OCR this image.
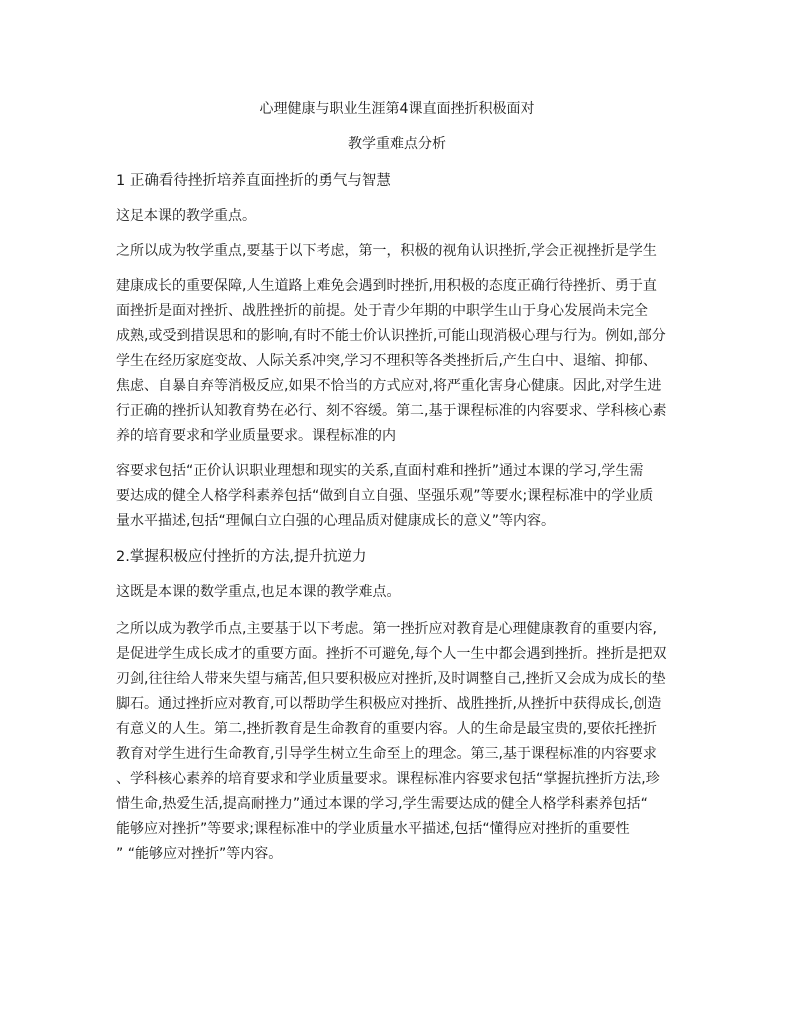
心理健康与职业生涯第4课直面挫折积极面对
教学重难点分析
1 正确看待挫折培养直面挫折的勇气与智慧
这足本课的教学重点。
之所以成为牧学重点,要基于以下考虑，第一，积极的视角认识挫折,学会正视挫折是学生
建康成长的重要保障,人生道路上难免会遇到时挫折,用积极的态度正确行待挫折、勇于直
面挫折是面对挫折、战胜挫折的前提。处于青少年期的中职学生山于身心发展尚未完全
成熟,或受到措误思和的影响,有时不能士价认识挫折,可能山现消极心理与行为。例如,部分
学生在经历家庭变故、人际关系冲突,学习不理积等各类挫折后,产生白中、退缩、抑郁、
焦虑、自暴自弃等消极反应,如果不恰当的方式应对,将严重化害身心健康。因此,对学生进
行正确的挫折认知教育势在必行、刻不容缓。第二,基于课程标准的内容要求、学科核心素
养的培育要求和学业质量要求。课程标准的内
容要求包括“正价认识职业理想和现实的关系,直面村难和挫折”通过本课的学习,学生需
要达成的健全人格学科素养包括“做到自立自强、坚强乐观”等要水;课程标准中的学业质
量水平描述,包括“理佩白立白强的心理品质对健康成长的意义”等内容。
2.掌握积极应付挫折的方法,提升抗逆力
这既是本课的数学重点,也足本课的教学难点。
之所以成为教学币点,主要基于以下考虑。第一挫折应对教育是心理健康教育的重要内容,
是促进学生成长成才的重要方面。挫折不可避免,每个人一生中都会遇到挫折。挫折是把双
刃剑,往往给人带来失望与痛苦,但只要积极应对挫折,及时调整自己,挫折又会成为成长的垫
脚石。通过挫折应对教育,可以帮助学生积极应对挫折、战胜挫折,从挫折中获得成长,创造
有意义的人生。第二,挫折教育是生命教育的重要内容。人的生命是最宝贵的,要依托挫折
教育对学生进行生命教育,引导学生树立生命至上的理念。第三,基于课程标准的内容要求
、学科核心素养的培育要求和学业质量要求。课程标准内容要求包括“掌握抗挫折方法,珍
惜生命,热爱生活,提高耐挫力”通过本课的学习,学生需要达成的健全人格学科素养包括“
能够应对挫折”等要求;课程标准中的学业质量水平描述,包括“懂得应对挫折的重要性
” “能够应对挫折”等内容。
